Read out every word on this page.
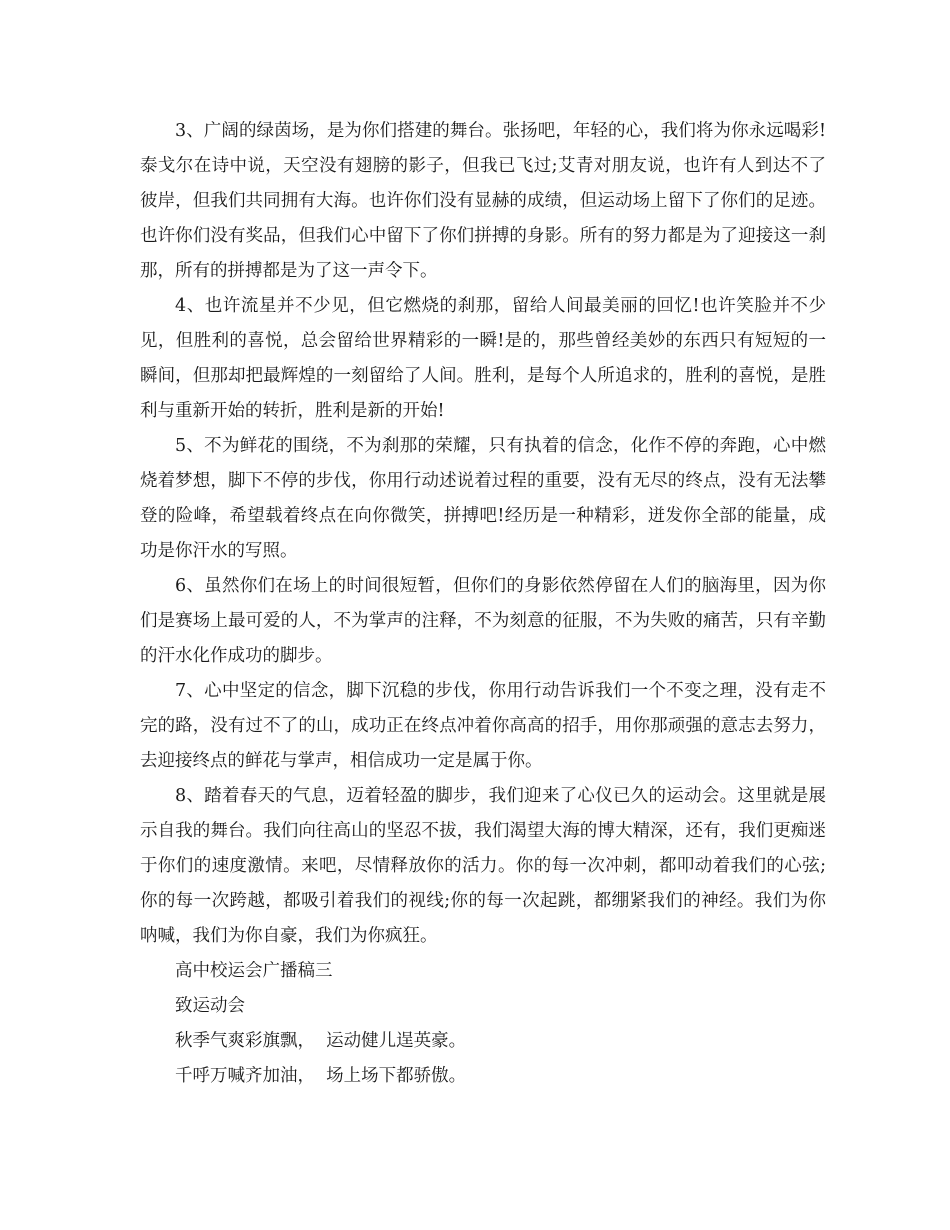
3、广阔的绿茵场，是为你们搭建的舞台。张扬吧，年轻的心，我们将为你永远喝彩!泰戈尔在诗中说，天空没有翅膀的影子，但我已飞过;艾青对朋友说，也许有人到达不了彼岸，但我们共同拥有大海。也许你们没有显赫的成绩，但运动场上留下了你们的足迹。也许你们没有奖品，但我们心中留下了你们拼搏的身影。所有的努力都是为了迎接这一刹那，所有的拼搏都是为了这一声令下。

4、也许流星并不少见，但它燃烧的刹那，留给人间最美丽的回忆!也许笑脸并不少见，但胜利的喜悦，总会留给世界精彩的一瞬!是的，那些曾经美妙的东西只有短短的一瞬间，但那却把最辉煌的一刻留给了人间。胜利，是每个人所追求的，胜利的喜悦，是胜利与重新开始的转折，胜利是新的开始!

5、不为鲜花的围绕，不为刹那的荣耀，只有执着的信念，化作不停的奔跑，心中燃烧着梦想，脚下不停的步伐，你用行动述说着过程的重要，没有无尽的终点，没有无法攀登的险峰，希望载着终点在向你微笑，拼搏吧!经历是一种精彩，迸发你全部的能量，成功是你汗水的写照。

6、虽然你们在场上的时间很短暂，但你们的身影依然停留在人们的脑海里，因为你们是赛场上最可爱的人，不为掌声的注释，不为刻意的征服，不为失败的痛苦，只有辛勤的汗水化作成功的脚步。

7、心中坚定的信念，脚下沉稳的步伐，你用行动告诉我们一个不变之理，没有走不完的路，没有过不了的山，成功正在终点冲着你高高的招手，用你那顽强的意志去努力，去迎接终点的鲜花与掌声，相信成功一定是属于你。

8、踏着春天的气息，迈着轻盈的脚步，我们迎来了心仪已久的运动会。这里就是展示自我的舞台。我们向往高山的坚忍不拔，我们渴望大海的博大精深，还有，我们更痴迷于你们的速度激情。来吧，尽情释放你的活力。你的每一次冲刺，都叩动着我们的心弦;你的每一次跨越，都吸引着我们的视线;你的每一次起跳，都绷紧我们的神经。我们为你呐喊，我们为你自豪，我们为你疯狂。

高中校运会广播稿三

致运动会

秋季气爽彩旗飘，  运动健儿逞英豪。

千呼万喊齐加油，  场上场下都骄傲。
